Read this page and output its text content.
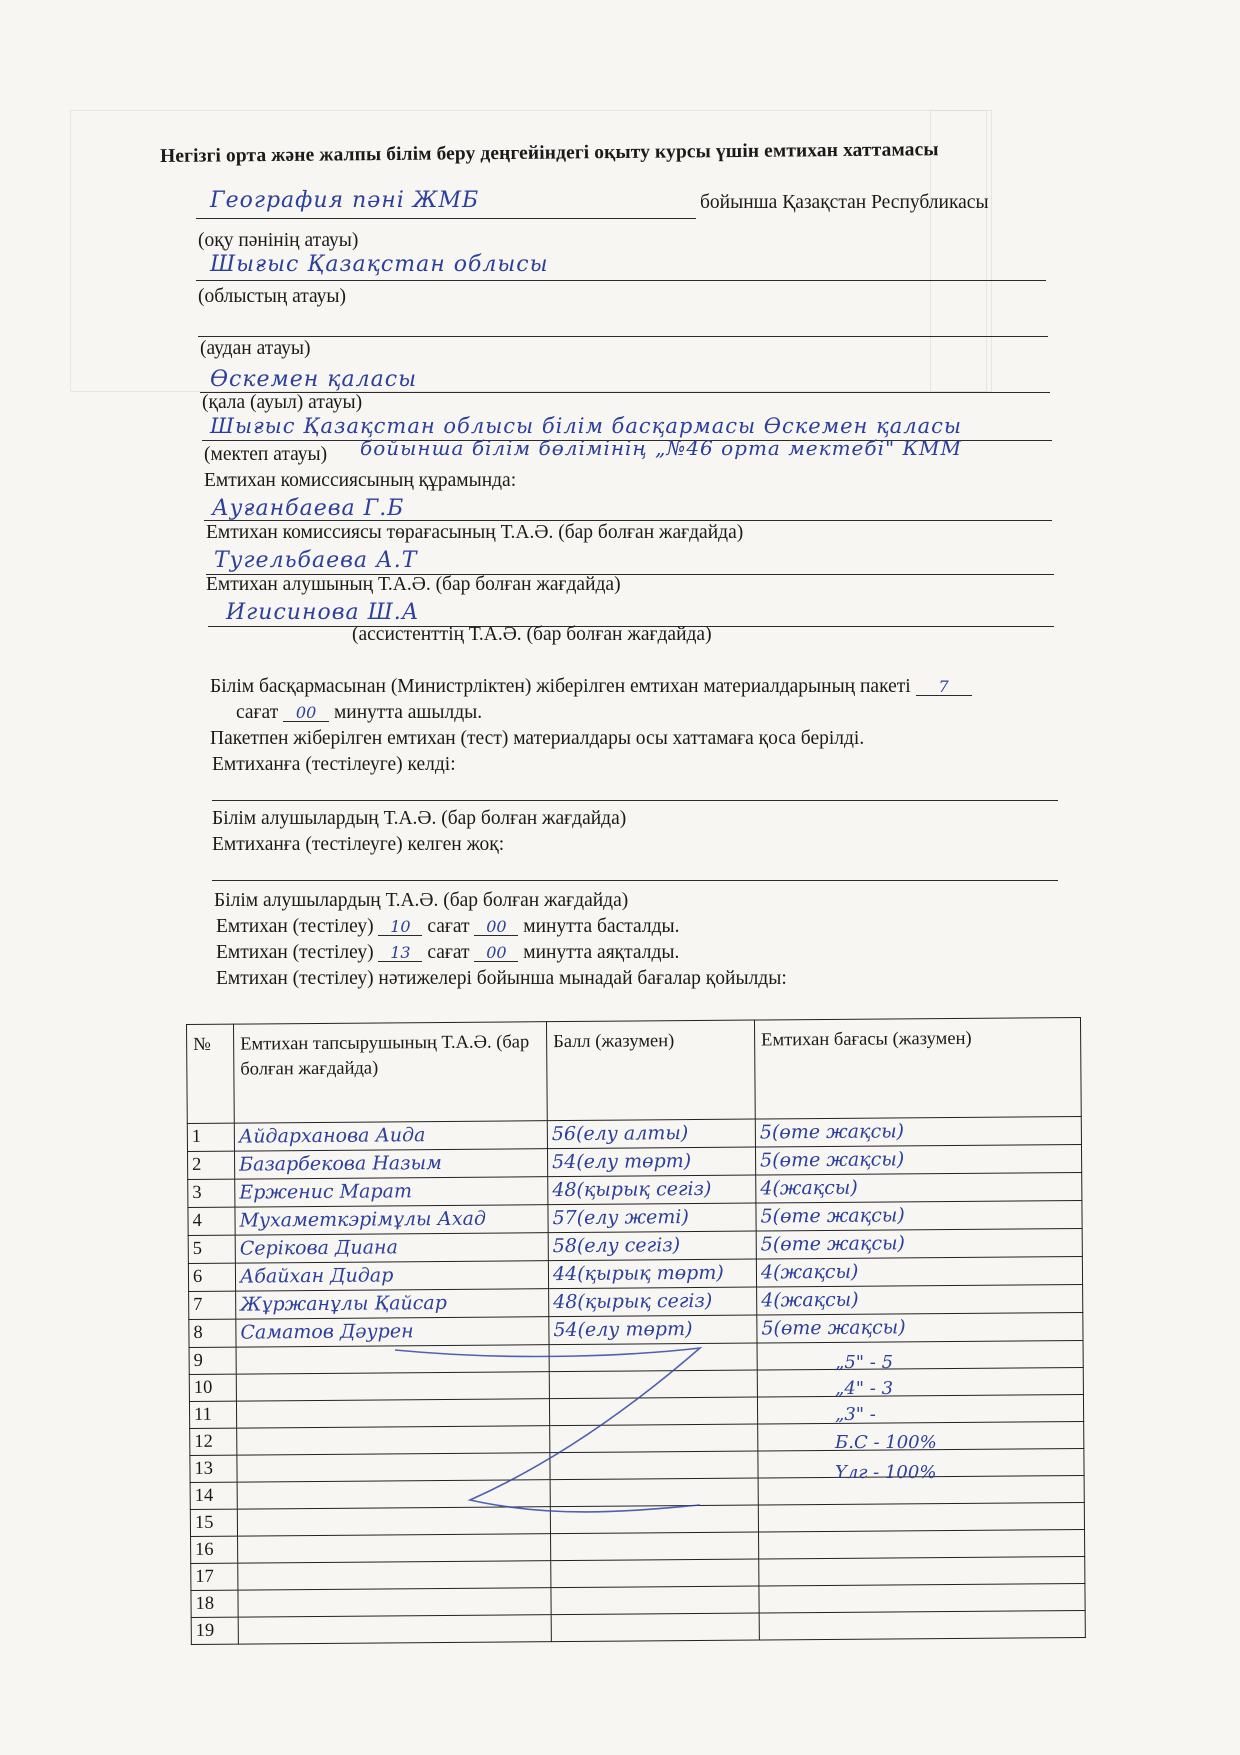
Негізгі орта және жалпы білім беру деңгейіндегі оқыту курсы үшін емтихан хаттамасы
География пәні ЖМБ	бойынша Қазақстан Республикасы
(оқу пәнінің атауы)
Шығыс Қазақстан облысы
(облыстың атауы)
(аудан атауы)
Өскемен қаласы
(қала (ауыл) атауы)
Шығыс Қазақстан облысы білім басқармасы Өскемен қаласы
(мектеп атауы) бойынша білім бөлімінің „№46 орта мектебі" КММ
Емтихан комиссиясының құрамында:
Ауғанбаева Г.Б
Емтихан комиссиясы төрағасының Т.А.Ә. (бар болған жағдайда)
Тугельбаева А.Т
Емтихан алушының Т.А.Ә. (бар болған жағдайда)
Игисинова Ш.А
(ассистенттің Т.А.Ә. (бар болған жағдайда)
Білім басқармасынан (Министрліктен) жіберілген емтихан материалдарының пакеті 7
сағат 00 минутта ашылды.
Пакетпен жіберілген емтихан (тест) материалдары осы хаттамаға қоса берілді.
Емтиханға (тестілеуге) келді:
Білім алушылардың Т.А.Ә. (бар болған жағдайда)
Емтиханға (тестілеуге) келген жоқ:
Білім алушылардың Т.А.Ә. (бар болған жағдайда)
Емтихан (тестілеу) 10 сағат 00 минутта басталды.
Емтихан (тестілеу) 13 сағат 00 минутта аяқталды.
Емтихан (тестілеу) нәтижелері бойынша мынадай бағалар қойылды:
№	Емтихан тапсырушының Т.А.Ә. (бар болған жағдайда)	Балл (жазумен)	Емтихан бағасы (жазумен)
1	Айдарханова Аида	56(елу алты)	5(өте жақсы)
2	Базарбекова Назым	54(елу төрт)	5(өте жақсы)
3	Ерженис Марат	48(қырық сегіз)	4(жақсы)
4	Мухаметкэрімұлы Ахад	57(елу жеті)	5(өте жақсы)
5	Серікова Диана	58(елу сегіз)	5(өте жақсы)
6	Абайхан Дидар	44(қырық төрт)	4(жақсы)
7	Жұржанұлы Қайсар	48(қырық сегіз)	4(жақсы)
8	Саматов Дәурен	54(елу төрт)	5(өте жақсы)
9			
10			
11			
12			
13			
14			
15			
16			
17			
18			
19			
„5" - 5
„4" - 3
„3" -
Б.С - 100%
Үлг - 100%
